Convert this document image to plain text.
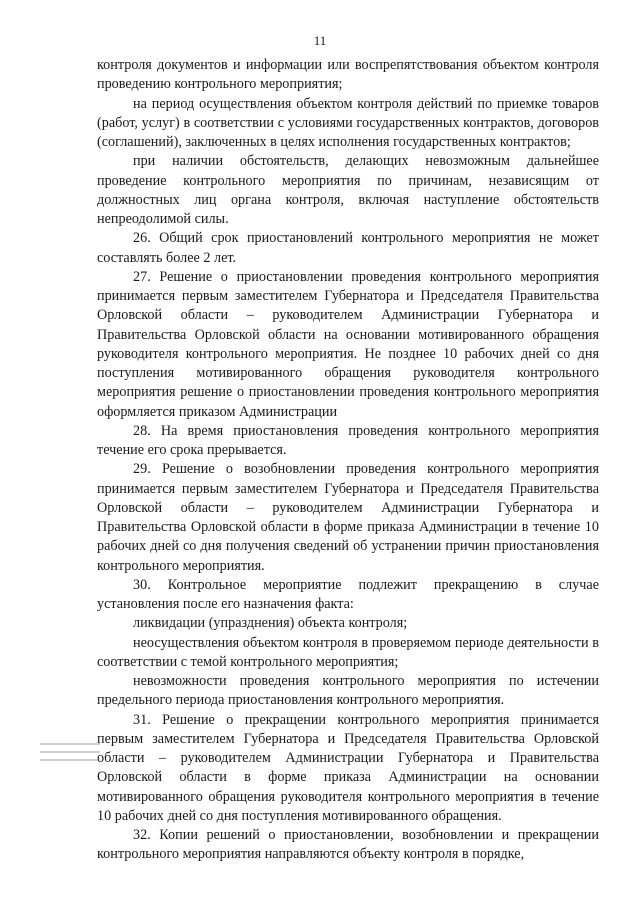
11

контроля документов и информации или воспрепятствования объектом контроля проведению контрольного мероприятия;

на период осуществления объектом контроля действий по приемке товаров (работ, услуг) в соответствии с условиями государственных контрактов, договоров (соглашений), заключенных в целях исполнения государственных контрактов;

при наличии обстоятельств, делающих невозможным дальнейшее проведение контрольного мероприятия по причинам, независящим от должностных лиц органа контроля, включая наступление обстоятельств непреодолимой силы.

26. Общий срок приостановлений контрольного мероприятия не может составлять более 2 лет.

27. Решение о приостановлении проведения контрольного мероприятия принимается первым заместителем Губернатора и Председателя Правительства Орловской области – руководителем Администрации Губернатора и Правительства Орловской области на основании мотивированного обращения руководителя контрольного мероприятия. Не позднее 10 рабочих дней со дня поступления мотивированного обращения руководителя контрольного мероприятия решение о приостановлении проведения контрольного мероприятия оформляется приказом Администрации

28. На время приостановления проведения контрольного мероприятия течение его срока прерывается.

29. Решение о возобновлении проведения контрольного мероприятия принимается первым заместителем Губернатора и Председателя Правительства Орловской области – руководителем Администрации Губернатора и Правительства Орловской области в форме приказа Администрации в течение 10 рабочих дней со дня получения сведений об устранении причин приостановления контрольного мероприятия.

30. Контрольное мероприятие подлежит прекращению в случае установления после его назначения факта:

ликвидации (упразднения) объекта контроля;

неосуществления объектом контроля в проверяемом периоде деятельности в соответствии с темой контрольного мероприятия;

невозможности проведения контрольного мероприятия по истечении предельного периода приостановления контрольного мероприятия.

31. Решение о прекращении контрольного мероприятия принимается первым заместителем Губернатора и Председателя Правительства Орловской области – руководителем Администрации Губернатора и Правительства Орловской области в форме приказа Администрации на основании мотивированного обращения руководителя контрольного мероприятия в течение 10 рабочих дней со дня поступления мотивированного обращения.

32. Копии решений о приостановлении, возобновлении и прекращении контрольного мероприятия направляются объекту контроля в порядке,
